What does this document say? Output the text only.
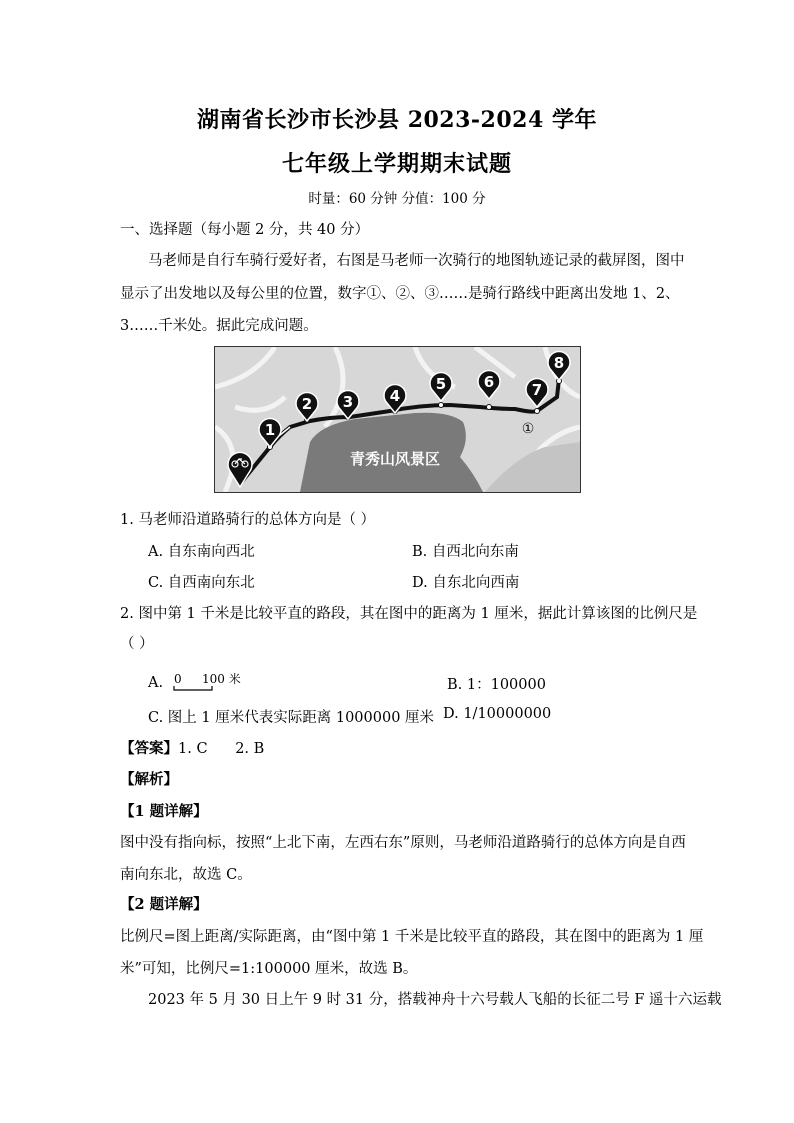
湖南省长沙市长沙县 2023-2024 学年
七年级上学期期末试题
时量：60 分钟 分值：100 分
一、选择题（每小题 2 分，共 40 分）
马老师是自行车骑行爱好者，右图是马老师一次骑行的地图轨迹记录的截屏图，图中
显示了出发地以及每公里的位置，数字①、②、③……是骑行路线中距离出发地 1、2、
3……千米处。据此完成问题。
1
2 3 4
5	6	7
8
青秀山风景区
①
1. 马老师沿道路骑行的总体方向是（ ）
A. 自东南向西北	B. 自西北向东南
C. 自西南向东北	D. 自东北向西南
2. 图中第 1 千米是比较平直的路段，其在图中的距离为 1 厘米，据此计算该图的比例尺是
（ ）
A. 0 100 米	B. 1：100000
C. 图上 1 厘米代表实际距离 1000000 厘米 D. 1/10000000
【答案】1. C      2. B
【解析】
【1 题详解】
图中没有指向标，按照“上北下南，左西右东”原则，马老师沿道路骑行的总体方向是自西
南向东北，故选 C。
【2 题详解】
比例尺=图上距离/实际距离，由“图中第 1 千米是比较平直的路段，其在图中的距离为 1 厘
米”可知，比例尺=1:100000 厘米，故选 B。
2023 年 5 月 30 日上午 9 时 31 分，搭载神舟十六号载人飞船的长征二号 F 遥十六运载
